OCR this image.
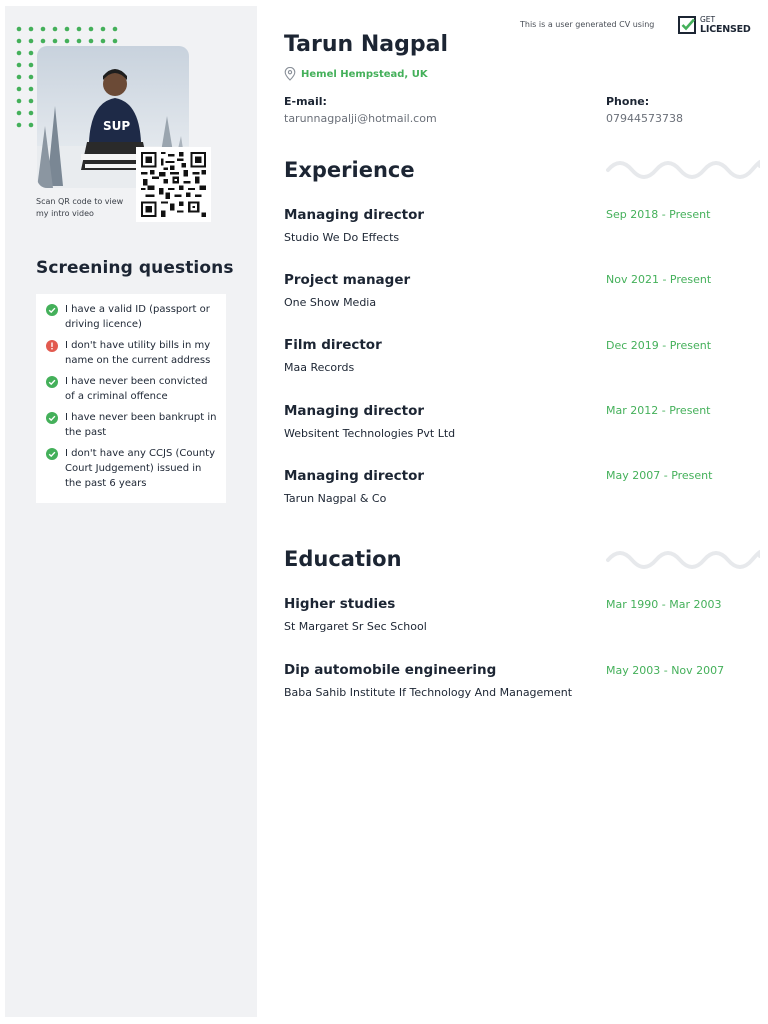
SUP
Scan QR code to view my intro video
Screening questions
I have a valid ID (passport or driving licence)
I don't have utility bills in my name on the current address
I have never been convicted of a criminal offence
I have never been bankrupt in the past
I don't have any CCJS (County Court Judgement) issued in the past 6 years
This is a user generated CV using
GET
LICENSED
Tarun Nagpal
Hemel Hempstead, UK
E-mail:
tarunnagpalji@hotmail.com
Phone:
07944573738
Experience
Managing director	Sep 2018 - Present
Studio We Do Effects
Project manager	Nov 2021 - Present
One Show Media
Film director	Dec 2019 - Present
Maa Records
Managing director	Mar 2012 - Present
Websitent Technologies Pvt Ltd
Managing director	May 2007 - Present
Tarun Nagpal & Co
Education
Higher studies	Mar 1990 - Mar 2003
St Margaret Sr Sec School
Dip automobile engineering	May 2003 - Nov 2007
Baba Sahib Institute If Technology And Management
